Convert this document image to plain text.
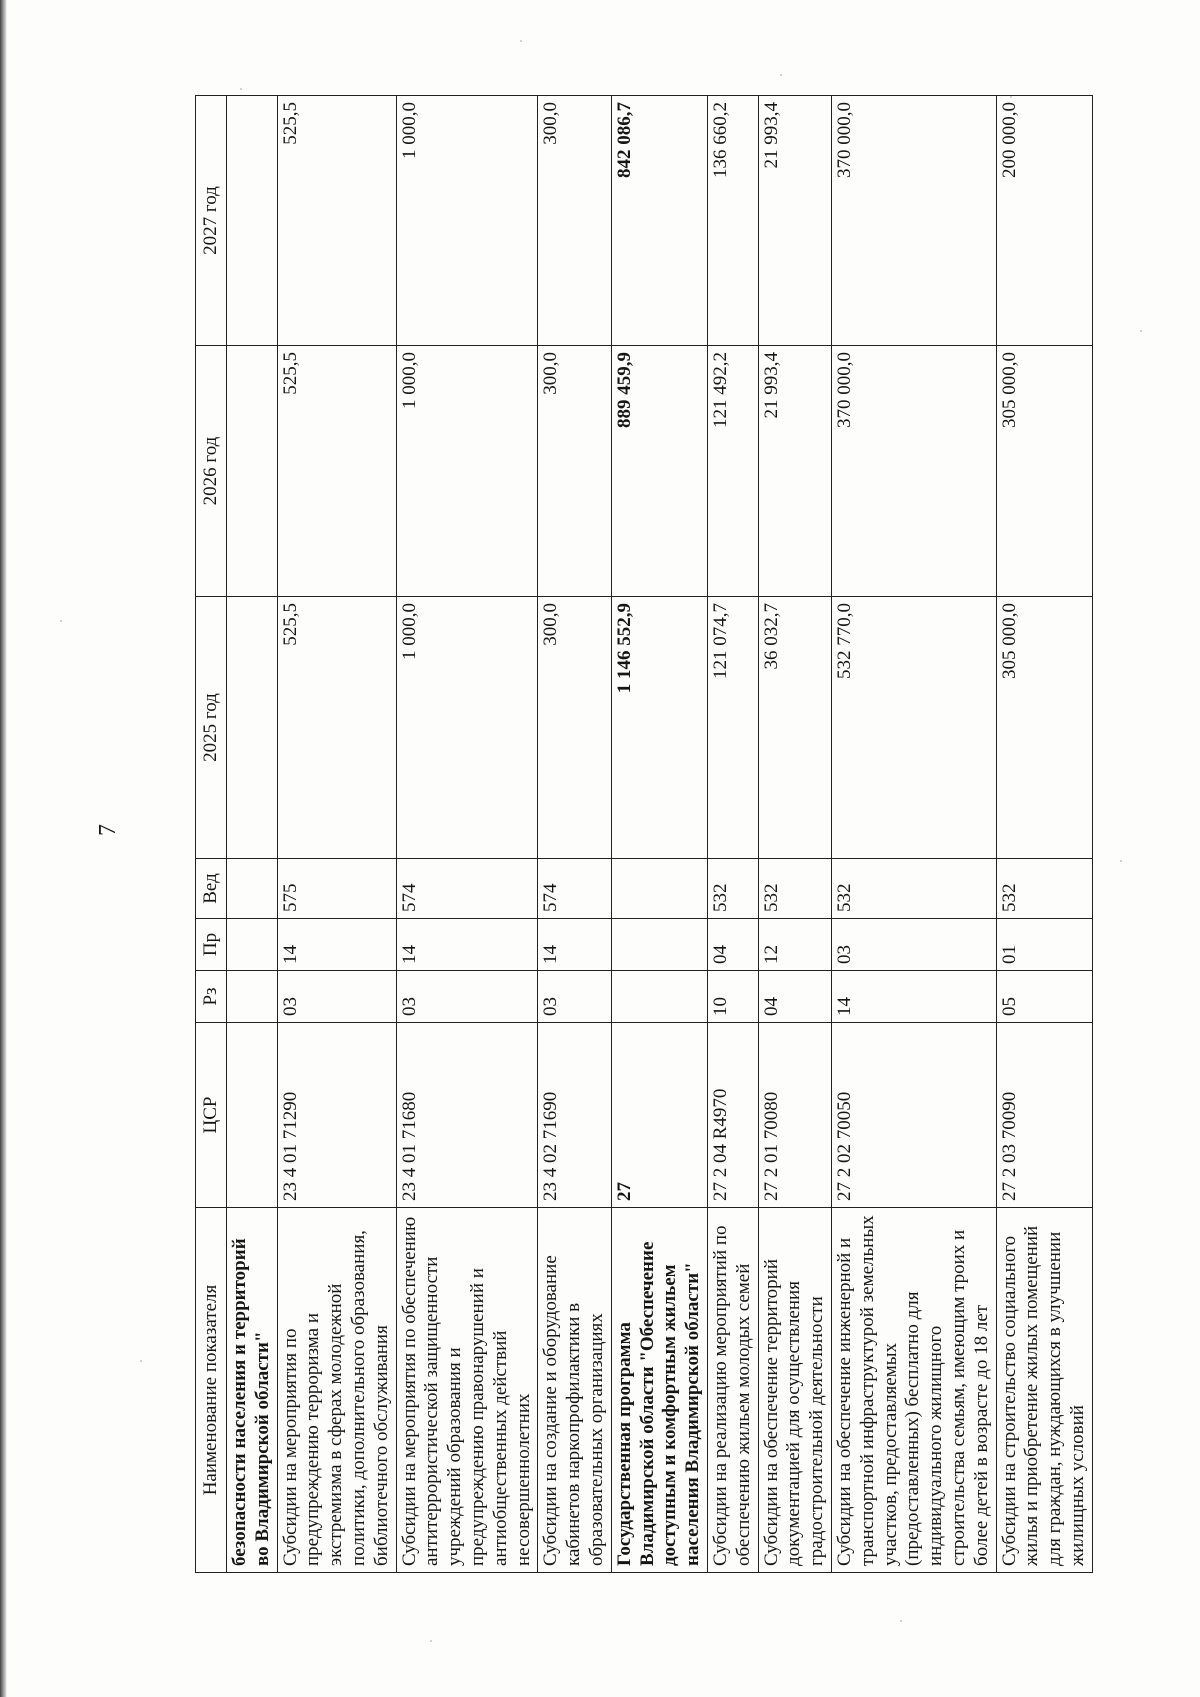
7
Наименование показателя	ЦСР	Рз	Пр	Вед	2025 год	2026 год	2027 год
безопасности населения и территорий во Владимирской области"							
Субсидии на мероприятия по предупреждению терроризма и экстремизма в сферах молодежной политики, дополнительного образования, библиотечного обслуживания	23 4 01 71290	03	14	575	525,5	525,5	525,5
Субсидии на мероприятия по обеспечению антитеррористической защищенности учреждений образования и предупреждению правонарушений и антиобщественных действий несовершеннолетних	23 4 01 71680	03	14	574	1 000,0	1 000,0	1 000,0
Субсидии на создание и оборудование кабинетов наркопрофилактики в образовательных организациях	23 4 02 71690	03	14	574	300,0	300,0	300,0
Государственная программа Владимирской области "Обеспечение доступным и комфортным жильем населения Владимирской области"	27				1 146 552,9	889 459,9	842 086,7
Субсидии на реализацию мероприятий по обеспечению жильем молодых семей	27 2 04 R4970	10	04	532	121 074,7	121 492,2	136 660,2
Субсидии на обеспечение территорий документацией для осуществления градостроительной деятельности	27 2 01 70080	04	12	532	36 032,7	21 993,4	21 993,4
Субсидии на обеспечение инженерной и транспортной инфраструктурой земельных участков, предоставляемых (предоставленных) бесплатно для индивидуального жилищного строительства семьям, имеющим троих и более детей в возрасте до 18 лет	27 2 02 70050	14	03	532	532 770,0	370 000,0	370 000,0
Субсидии на строительство социального жилья и приобретение жилых помещений для граждан, нуждающихся в улучшении жилищных условий	27 2 03 70090	05	01	532	305 000,0	305 000,0	200 000,0
